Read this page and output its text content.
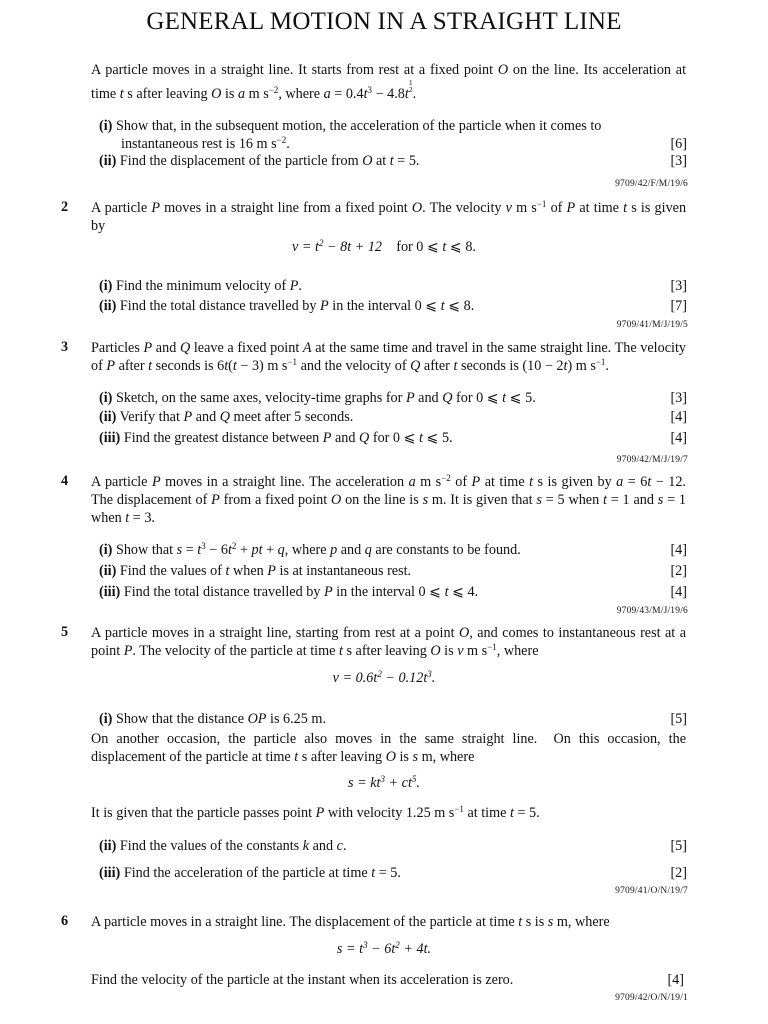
GENERAL MOTION IN A STRAIGHT LINE
A particle moves in a straight line. It starts from rest at a fixed point O on the line. Its acceleration at time t s after leaving O is a m $s^{-2}$, where $a = 0.4t^3 - 4.8t$
1
2 .
(i) Show that, in the subsequent motion, the acceleration of the particle when it comes to
instantaneous rest is 16 m $s^{-2}$.	[6]
(ii) Find the displacement of the particle from O at t = 5.	[3]
9709/42/F/M/19/6
2 A particle P moves in a straight line from a fixed point O. The velocity v m $s^{-1}$ of P at time t s is given by
$v = t^2 - 8t + 12$    for 0 ⩽ t ⩽ 8.
(i) Find the minimum velocity of P.	[3]
(ii) Find the total distance travelled by P in the interval 0 ⩽ t ⩽ 8.	[7]
9709/41/M/J/19/5
3 Particles P and Q leave a fixed point A at the same time and travel in the same straight line. The velocity of P after t seconds is 6t(t − 3) m $s^{-1}$ and the velocity of Q after t seconds is (10 − 2t) m $s^{-1}$.
(i) Sketch, on the same axes, velocity-time graphs for P and Q for 0 ⩽ t ⩽ 5.	[3]
(ii) Verify that P and Q meet after 5 seconds.	[4]
(iii) Find the greatest distance between P and Q for 0 ⩽ t ⩽ 5.	[4]
9709/42/M/J/19/7
4 A particle P moves in a straight line. The acceleration a m $s^{-2}$ of P at time t s is given by a = 6t − 12. The displacement of P from a fixed point O on the line is s m. It is given that s = 5 when t = 1 and s = 1 when t = 3.
(i) Show that $s = t^3 - 6t^2$ + pt + q, where p and q are constants to be found.	[4]
(ii) Find the values of t when P is at instantaneous rest.	[2]
(iii) Find the total distance travelled by P in the interval 0 ⩽ t ⩽ 4.	[4]
9709/43/M/J/19/6
5 A particle moves in a straight line, starting from rest at a point O, and comes to instantaneous rest at a point P. The velocity of the particle at time t s after leaving O is v m $s^{-1}$, where
$v = 0.6t^2 - 0.12t^3$.
(i) Show that the distance OP is 6.25 m.	[5]
On another occasion, the particle also moves in the same straight line.  On this occasion, the displacement of the particle at time t s after leaving O is s m, where
$s = kt^3 + ct^5$.
It is given that the particle passes point P with velocity 1.25 m $s^{-1}$ at time t = 5.
(ii) Find the values of the constants k and c.	[5]
(iii) Find the acceleration of the particle at time t = 5.	[2]
9709/41/O/N/19/7
6 A particle moves in a straight line. The displacement of the particle at time t s is s m, where
$s = t^3 - 6t^2 + 4t$.
Find the velocity of the particle at the instant when its acceleration is zero.	[4]
9709/42/O/N/19/1
